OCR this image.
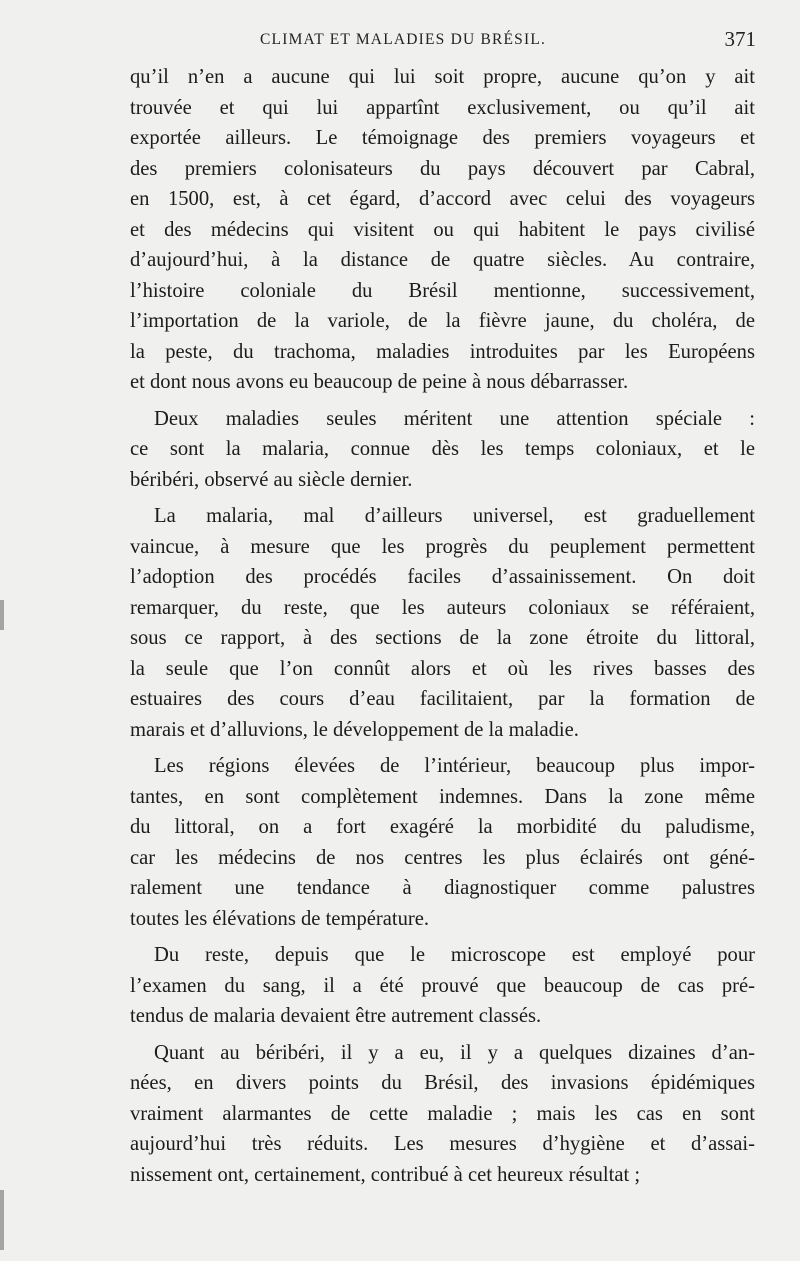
CLIMAT ET MALADIES DU BRÉSIL.	371
qu’il n’en a aucune qui lui soit propre, aucune qu’on y ait
trouvée et qui lui appartînt exclusivement, ou qu’il ait
exportée ailleurs. Le témoignage des premiers voyageurs et
des premiers colonisateurs du pays découvert par Cabral,
en 1500, est, à cet égard, d’accord avec celui des voyageurs
et des médecins qui visitent ou qui habitent le pays civilisé
d’aujourd’hui, à la distance de quatre siècles. Au contraire,
l’histoire coloniale du Brésil mentionne, successivement,
l’importation de la variole, de la fièvre jaune, du choléra, de
la peste, du trachoma, maladies introduites par les Européens
et dont nous avons eu beaucoup de peine à nous débarrasser.
Deux maladies seules méritent une attention spéciale :
ce sont la malaria, connue dès les temps coloniaux, et le
béribéri, observé au siècle dernier.
La malaria, mal d’ailleurs universel, est graduellement
vaincue, à mesure que les progrès du peuplement permettent
l’adoption des procédés faciles d’assainissement. On doit
remarquer, du reste, que les auteurs coloniaux se référaient,
sous ce rapport, à des sections de la zone étroite du littoral,
la seule que l’on connût alors et où les rives basses des
estuaires des cours d’eau facilitaient, par la formation de
marais et d’alluvions, le développement de la maladie.
Les régions élevées de l’intérieur, beaucoup plus impor-
tantes, en sont complètement indemnes. Dans la zone même
du littoral, on a fort exagéré la morbidité du paludisme,
car les médecins de nos centres les plus éclairés ont géné-
ralement une tendance à diagnostiquer comme palustres
toutes les élévations de température.
Du reste, depuis que le microscope est employé pour
l’examen du sang, il a été prouvé que beaucoup de cas pré-
tendus de malaria devaient être autrement classés.
Quant au béribéri, il y a eu, il y a quelques dizaines d’an-
nées, en divers points du Brésil, des invasions épidémiques
vraiment alarmantes de cette maladie ; mais les cas en sont
aujourd’hui très réduits. Les mesures d’hygiène et d’assai-
nissement ont, certainement, contribué à cet heureux résultat ;
